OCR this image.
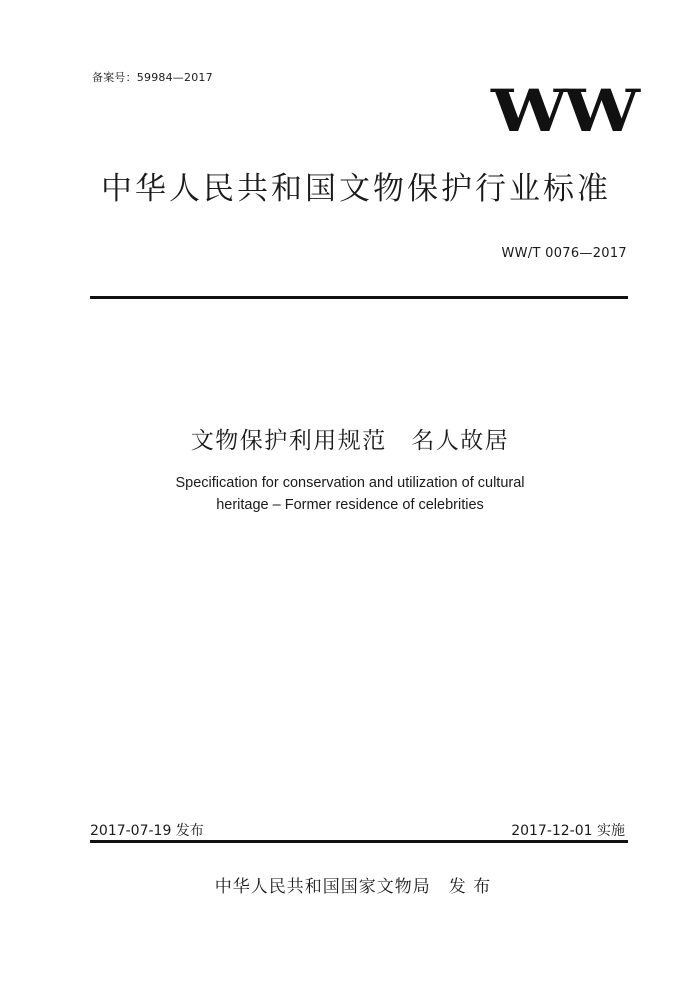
备案号：59984—2017	WW
中华人民共和国文物保护行业标准
WW/T 0076—2017
文物保护利用规范　名人故居
Specification for conservation and utilization of cultural
heritage – Former residence of celebrities
2017-07-19 发布	2017-12-01 实施
中华人民共和国国家文物局　发 布
